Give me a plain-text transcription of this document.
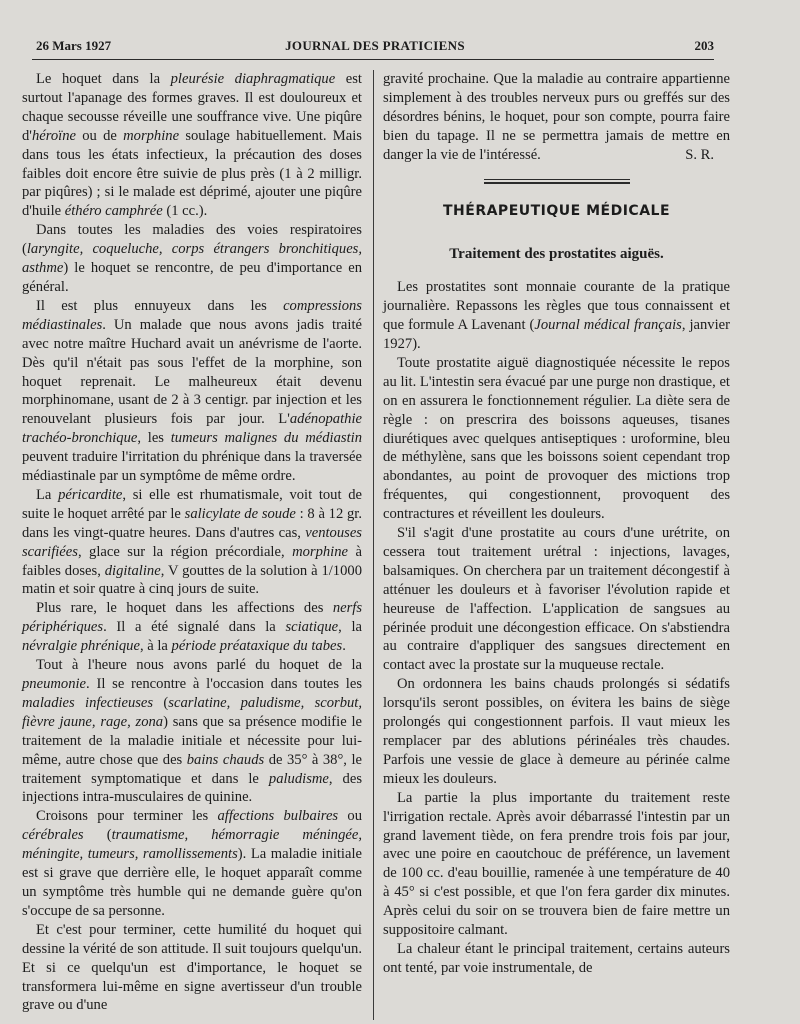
26 Mars 1927	JOURNAL DES PRATICIENS	203

Le hoquet dans la pleurésie diaphragmatique est surtout l'apanage des formes graves. Il est douloureux et chaque secousse réveille une souffrance vive. Une piqûre d'héroïne ou de morphine soulage habituellement. Mais dans tous les états infectieux, la précaution des doses faibles doit encore être suivie de plus près (1 à 2 milligr. par piqûres) ; si le malade est déprimé, ajouter une piqûre d'huile éthéro camphrée (1 cc.).

Dans toutes les maladies des voies respiratoires (laryngite, coqueluche, corps étrangers bronchitiques, asthme) le hoquet se rencontre, de peu d'importance en général.

Il est plus ennuyeux dans les compressions médiastinales. Un malade que nous avons jadis traité avec notre maître Huchard avait un anévrisme de l'aorte. Dès qu'il n'était pas sous l'effet de la morphine, son hoquet reprenait. Le malheureux était devenu morphinomane, usant de 2 à 3 centigr. par injection et les renouvelant plusieurs fois par jour. L'adénopathie trachéo-bronchique, les tumeurs malignes du médiastin peuvent traduire l'irritation du phrénique dans la traversée médiastinale par un symptôme de même ordre.

La péricardite, si elle est rhumatismale, voit tout de suite le hoquet arrêté par le salicylate de soude : 8 à 12 gr. dans les vingt-quatre heures. Dans d'autres cas, ventouses scarifiées, glace sur la région précordiale, morphine à faibles doses, digitaline, V gouttes de la solution à 1/1000 matin et soir quatre à cinq jours de suite.

Plus rare, le hoquet dans les affections des nerfs périphériques. Il a été signalé dans la sciatique, la névralgie phrénique, à la période préataxique du tabes.

Tout à l'heure nous avons parlé du hoquet de la pneumonie. Il se rencontre à l'occasion dans toutes les maladies infectieuses (scarlatine, paludisme, scorbut, fièvre jaune, rage, zona) sans que sa présence modifie le traitement de la maladie initiale et nécessite pour lui-même, autre chose que des bains chauds de 35° à 38°, le traitement symptomatique et dans le paludisme, des injections intra-musculaires de quinine.

Croisons pour terminer les affections bulbaires ou cérébrales (traumatisme, hémorragie méningée, méningite, tumeurs, ramollissements). La maladie initiale est si grave que derrière elle, le hoquet apparaît comme un symptôme très humble qui ne demande guère qu'on s'occupe de sa personne.

Et c'est pour terminer, cette humilité du hoquet qui dessine la vérité de son attitude. Il suit toujours quelqu'un. Et si ce quelqu'un est d'importance, le hoquet se transformera lui-même en signe avertisseur d'un trouble grave ou d'une

gravité prochaine. Que la maladie au contraire appartienne simplement à des troubles nerveux purs ou greffés sur des désordres bénins, le hoquet, pour son compte, pourra faire bien du tapage. Il ne se permettra jamais de mettre en danger la vie de l'intéressé.	S. R.
THÉRAPEUTIQUE MÉDICALE
Traitement des prostatites aiguës.

Les prostatites sont monnaie courante de la pratique journalière. Repassons les règles que tous connaissent et que formule A Lavenant (Journal médical français, janvier 1927).

Toute prostatite aiguë diagnostiquée nécessite le repos au lit. L'intestin sera évacué par une purge non drastique, et on en assurera le fonctionnement régulier. La diète sera de règle : on prescrira des boissons aqueuses, tisanes diurétiques avec quelques antiseptiques : uroformine, bleu de méthylène, sans que les boissons soient cependant trop abondantes, au point de provoquer des mictions trop fréquentes, qui congestionnent, provoquent des contractures et réveillent les douleurs.

S'il s'agit d'une prostatite au cours d'une urétrite, on cessera tout traitement urétral : injections, lavages, balsamiques. On cherchera par un traitement décongestif à atténuer les douleurs et à favoriser l'évolution rapide et heureuse de l'affection. L'application de sangsues au périnée produit une décongestion efficace. On s'abstiendra au contraire d'appliquer des sangsues directement en contact avec la prostate sur la muqueuse rectale.

On ordonnera les bains chauds prolongés si sédatifs lorsqu'ils seront possibles, on évitera les bains de siège prolongés qui congestionnent parfois. Il vaut mieux les remplacer par des ablutions périnéales très chaudes. Parfois une vessie de glace à demeure au périnée calme mieux les douleurs.

La partie la plus importante du traitement reste l'irrigation rectale. Après avoir débarrassé l'intestin par un grand lavement tiède, on fera prendre trois fois par jour, avec une poire en caoutchouc de préférence, un lavement de 100 cc. d'eau bouillie, ramenée à une température de 40 à 45° si c'est possible, et que l'on fera garder dix minutes. Après celui du soir on se trouvera bien de faire mettre un suppositoire calmant.

La chaleur étant le principal traitement, certains auteurs ont tenté, par voie instrumentale, de
